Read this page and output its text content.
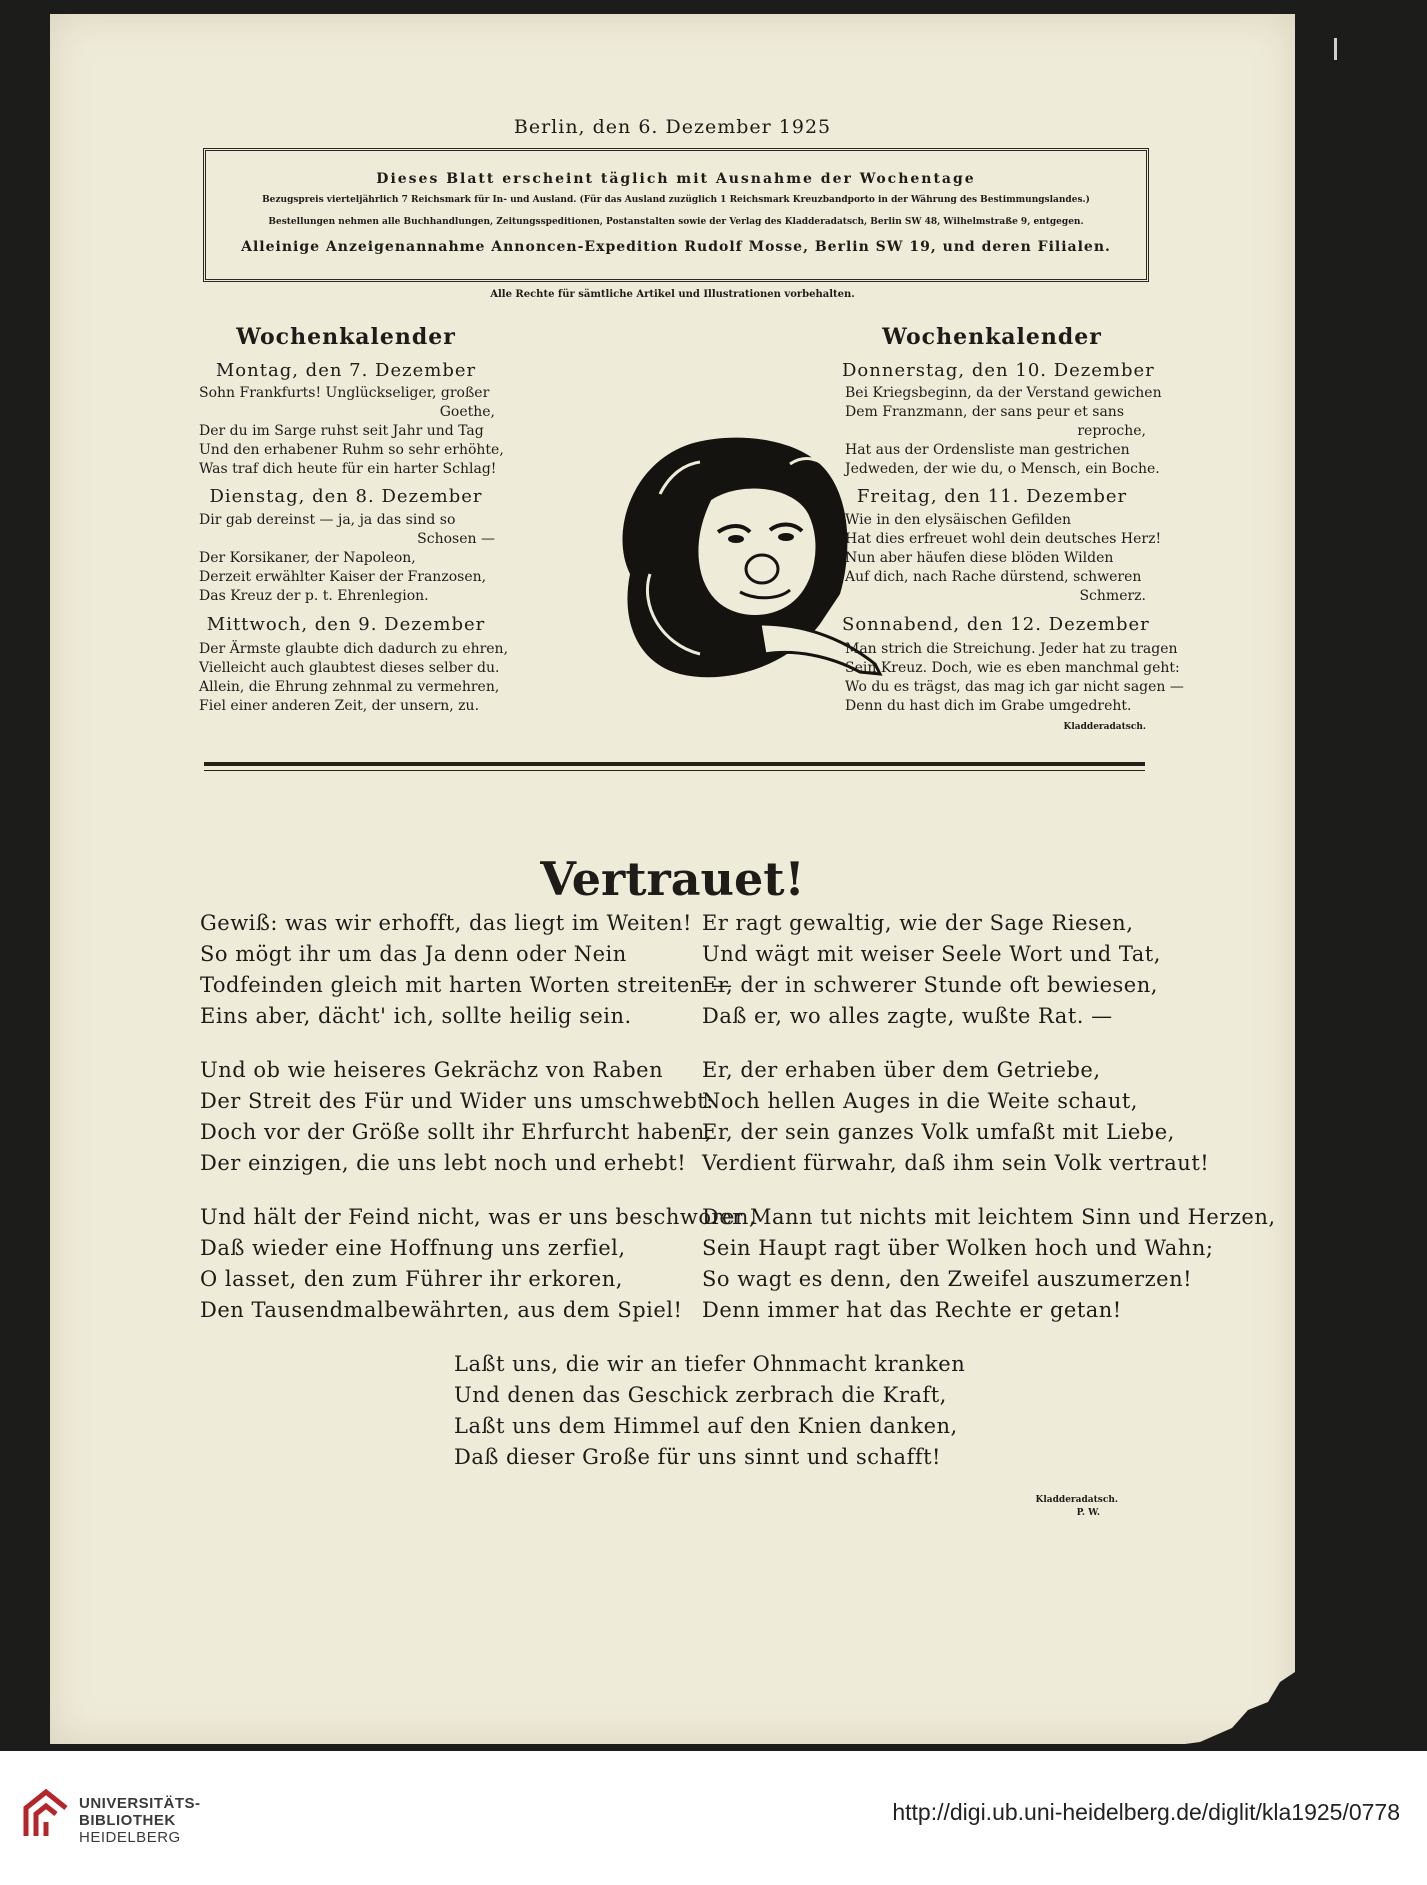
Berlin, den 6. Dezember 1925
Dieses Blatt erscheint täglich mit Ausnahme der Wochentage
Bezugspreis vierteljährlich 7 Reichsmark für In- und Ausland. (Für das Ausland zuzüglich 1 Reichsmark Kreuzbandporto in der Währung des Bestimmungslandes.)
Bestellungen nehmen alle Buchhandlungen, Zeitungsspeditionen, Postanstalten sowie der Verlag des Kladderadatsch, Berlin SW 48, Wilhelmstraße 9, entgegen.
Alleinige Anzeigenannahme Annoncen-Expedition Rudolf Mosse, Berlin SW 19, und deren Filialen.
Alle Rechte für sämtliche Artikel und Illustrationen vorbehalten.
Wochenkalender
Montag, den 7. Dezember
Sohn Frankfurts! Unglückseliger, großer
Goethe,
Der du im Sarge ruhst seit Jahr und Tag
Und den erhabener Ruhm so sehr erhöhte,
Was traf dich heute für ein harter Schlag!
Dienstag, den 8. Dezember
Dir gab dereinst — ja, ja das sind so
Schosen —
Der Korsikaner, der Napoleon,
Derzeit erwählter Kaiser der Franzosen,
Das Kreuz der p. t. Ehrenlegion.
Mittwoch, den 9. Dezember
Der Ärmste glaubte dich dadurch zu ehren,
Vielleicht auch glaubtest dieses selber du.
Allein, die Ehrung zehnmal zu vermehren,
Fiel einer anderen Zeit, der unsern, zu.
Wochenkalender
Donnerstag, den 10. Dezember
Bei Kriegsbeginn, da der Verstand gewichen
Dem Franzmann, der sans peur et sans
reproche,
Hat aus der Ordensliste man gestrichen
Jedweden, der wie du, o Mensch, ein Boche.
Freitag, den 11. Dezember
Wie in den elysäischen Gefilden
Hat dies erfreuet wohl dein deutsches Herz!
Nun aber häufen diese blöden Wilden
Auf dich, nach Rache dürstend, schweren
Schmerz.
Sonnabend, den 12. Dezember
Man strich die Streichung. Jeder hat zu tragen
Sein Kreuz. Doch, wie es eben manchmal geht:
Wo du es trägst, das mag ich gar nicht sagen —
Denn du hast dich im Grabe umgedreht.
Kladderadatsch.
Vertrauet!
Gewiß: was wir erhofft, das liegt im Weiten!
So mögt ihr um das Ja denn oder Nein
Todfeinden gleich mit harten Worten streiten —
Eins aber, dächt' ich, sollte heilig sein.
Und ob wie heiseres Gekrächz von Raben
Der Streit des Für und Wider uns umschwebt:
Doch vor der Größe sollt ihr Ehrfurcht haben,
Der einzigen, die uns lebt noch und erhebt!
Und hält der Feind nicht, was er uns beschworen,
Daß wieder eine Hoffnung uns zerfiel,
O lasset, den zum Führer ihr erkoren,
Den Tausendmalbewährten, aus dem Spiel!
Er ragt gewaltig, wie der Sage Riesen,
Und wägt mit weiser Seele Wort und Tat,
Er, der in schwerer Stunde oft bewiesen,
Daß er, wo alles zagte, wußte Rat. —
Er, der erhaben über dem Getriebe,
Noch hellen Auges in die Weite schaut,
Er, der sein ganzes Volk umfaßt mit Liebe,
Verdient fürwahr, daß ihm sein Volk vertraut!
Der Mann tut nichts mit leichtem Sinn und Herzen,
Sein Haupt ragt über Wolken hoch und Wahn;
So wagt es denn, den Zweifel auszumerzen!
Denn immer hat das Rechte er getan!
Laßt uns, die wir an tiefer Ohnmacht kranken
Und denen das Geschick zerbrach die Kraft,
Laßt uns dem Himmel auf den Knien danken,
Daß dieser Große für uns sinnt und schafft!
Kladderadatsch.
P. W.
UNIVERSITÄTS-
BIBLIOTHEK
HEIDELBERG
http://digi.ub.uni-heidelberg.de/diglit/kla1925/0778
